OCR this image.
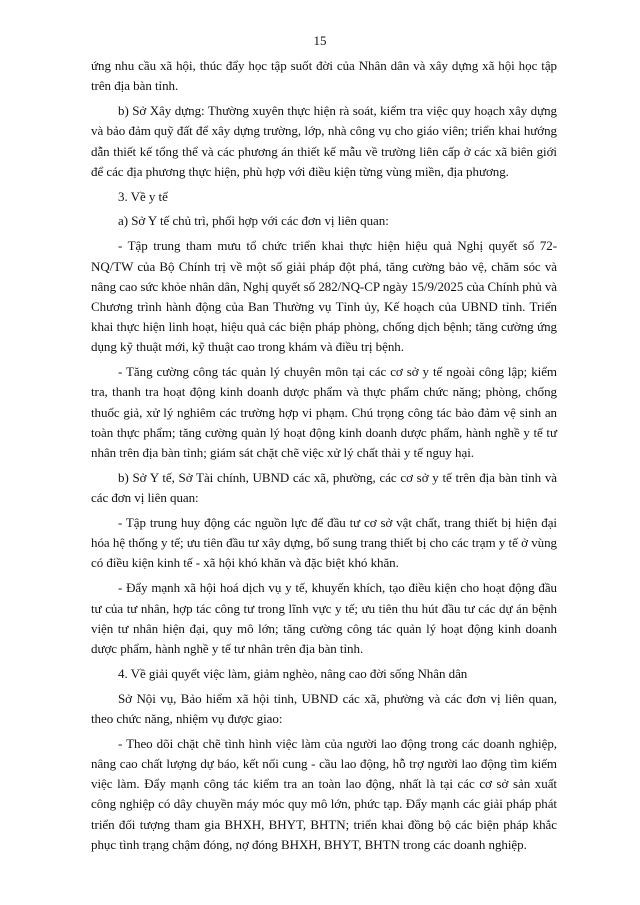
15

ứng nhu cầu xã hội, thúc đẩy học tập suốt đời của Nhân dân và xây dựng xã hội học tập trên địa bàn tỉnh.

b) Sở Xây dựng: Thường xuyên thực hiện rà soát, kiểm tra việc quy hoạch xây dựng và bảo đảm quỹ đất để xây dựng trường, lớp, nhà công vụ cho giáo viên; triển khai hướng dẫn thiết kế tổng thể và các phương án thiết kế mẫu về trường liên cấp ở các xã biên giới để các địa phương thực hiện, phù hợp với điều kiện từng vùng miền, địa phương.

3. Về y tế

a) Sở Y tế chủ trì, phối hợp với các đơn vị liên quan:

- Tập trung tham mưu tổ chức triển khai thực hiện hiệu quả Nghị quyết số 72-NQ/TW của Bộ Chính trị về một số giải pháp đột phá, tăng cường bảo vệ, chăm sóc và nâng cao sức khỏe nhân dân, Nghị quyết số 282/NQ-CP ngày 15/9/2025 của Chính phủ và Chương trình hành động của Ban Thường vụ Tỉnh ủy, Kế hoạch của UBND tỉnh. Triển khai thực hiện linh hoạt, hiệu quả các biện pháp phòng, chống dịch bệnh; tăng cường ứng dụng kỹ thuật mới, kỹ thuật cao trong khám và điều trị bệnh.

- Tăng cường công tác quản lý chuyên môn tại các cơ sở y tế ngoài công lập; kiểm tra, thanh tra hoạt động kinh doanh dược phẩm và thực phẩm chức năng; phòng, chống thuốc giả, xử lý nghiêm các trường hợp vi phạm. Chú trọng công tác bảo đảm vệ sinh an toàn thực phẩm; tăng cường quản lý hoạt động kinh doanh dược phẩm, hành nghề y tế tư nhân trên địa bàn tỉnh; giám sát chặt chẽ việc xử lý chất thải y tế nguy hại.

b) Sở Y tế, Sở Tài chính, UBND các xã, phường, các cơ sở y tế trên địa bàn tỉnh và các đơn vị liên quan:

- Tập trung huy động các nguồn lực để đầu tư cơ sở vật chất, trang thiết bị hiện đại hóa hệ thống y tế; ưu tiên đầu tư xây dựng, bổ sung trang thiết bị cho các trạm y tế ở vùng có điều kiện kinh tế - xã hội khó khăn và đặc biệt khó khăn.

- Đẩy mạnh xã hội hoá dịch vụ y tế, khuyến khích, tạo điều kiện cho hoạt động đầu tư của tư nhân, hợp tác công tư trong lĩnh vực y tế; ưu tiên thu hút đầu tư các dự án bệnh viện tư nhân hiện đại, quy mô lớn; tăng cường công tác quản lý hoạt động kinh doanh dược phẩm, hành nghề y tế tư nhân trên địa bàn tỉnh.

4. Về giải quyết việc làm, giảm nghèo, nâng cao đời sống Nhân dân

Sở Nội vụ, Bảo hiểm xã hội tỉnh, UBND các xã, phường và các đơn vị liên quan, theo chức năng, nhiệm vụ được giao:

- Theo dõi chặt chẽ tình hình việc làm của người lao động trong các doanh nghiệp, nâng cao chất lượng dự báo, kết nối cung - cầu lao động, hỗ trợ người lao động tìm kiếm việc làm. Đẩy mạnh công tác kiểm tra an toàn lao động, nhất là tại các cơ sở sản xuất công nghiệp có dây chuyền máy móc quy mô lớn, phức tạp. Đẩy mạnh các giải pháp phát triển đối tượng tham gia BHXH, BHYT, BHTN; triển khai đồng bộ các biện pháp khắc phục tình trạng chậm đóng, nợ đóng BHXH, BHYT, BHTN trong các doanh nghiệp.
